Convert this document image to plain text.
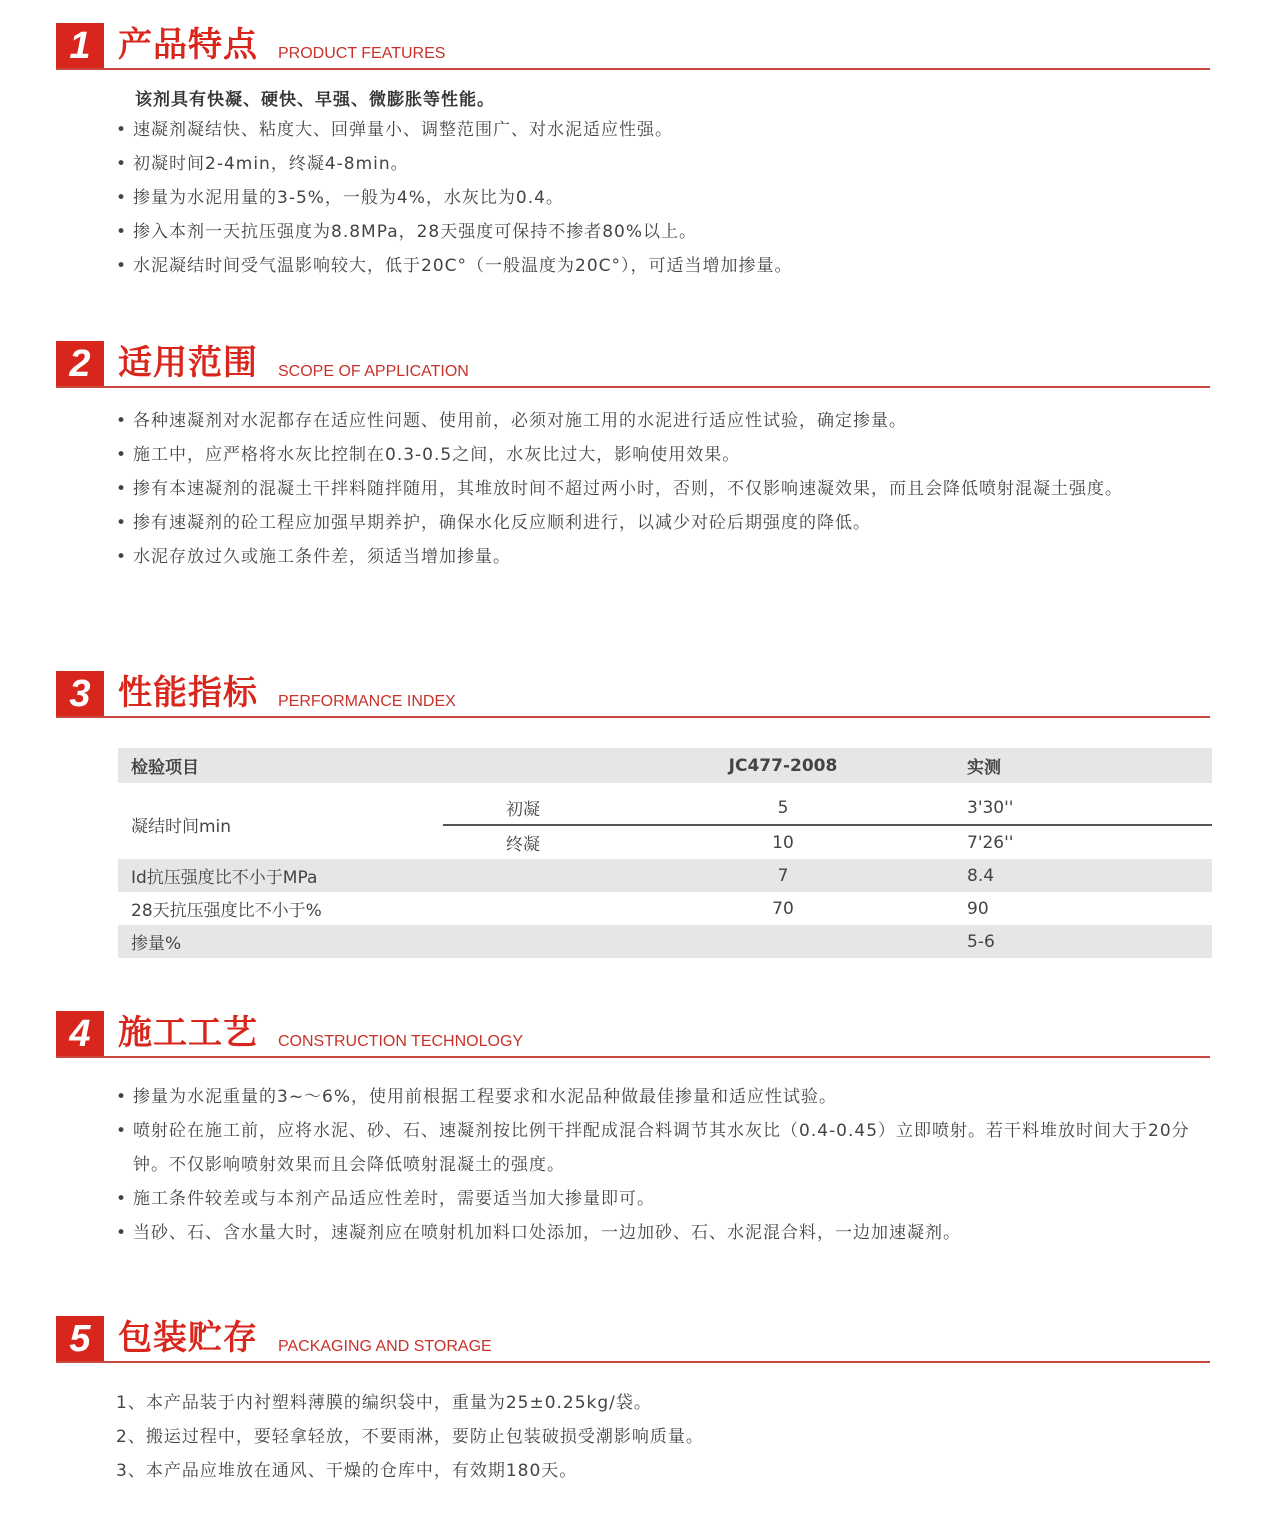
1 产品特点 PRODUCT FEATURES
该剂具有快凝、硬快、早强、微膨胀等性能。
• 速凝剂凝结快、粘度大、回弹量小、调整范围广、对水泥适应性强。
• 初凝时间2-4min，终凝4-8min。
• 掺量为水泥用量的3-5%，一般为4%，水灰比为0.4。
• 掺入本剂一天抗压强度为8.8MPa，28天强度可保持不掺者80%以上。
• 水泥凝结时间受气温影响较大，低于20C°（一般温度为20C°），可适当增加掺量。
2 适用范围 SCOPE OF APPLICATION
• 各种速凝剂对水泥都存在适应性问题、使用前，必须对施工用的水泥进行适应性试验，确定掺量。
• 施工中，应严格将水灰比控制在0.3-0.5之间，水灰比过大，影响使用效果。
• 掺有本速凝剂的混凝土干拌料随拌随用，其堆放时间不超过两小时，否则，不仅影响速凝效果，而且会降低喷射混凝土强度。
• 掺有速凝剂的砼工程应加强早期养护，确保水化反应顺利进行，以减少对砼后期强度的降低。
• 水泥存放过久或施工条件差，须适当增加掺量。
3 性能指标 PERFORMANCE INDEX
检验项目		JC477-2008	实测
凝结时间min	初凝	5	3'30''
	终凝	10	7'26''
Id抗压强度比不小于MPa		7	8.4
28天抗压强度比不小于%		70	90
掺量%			5-6
4 施工工艺 CONSTRUCTION TECHNOLOGY
• 掺量为水泥重量的3~～6%，使用前根据工程要求和水泥品种做最佳掺量和适应性试验。
• 喷射砼在施工前，应将水泥、砂、石、速凝剂按比例干拌配成混合料调节其水灰比（0.4-0.45）立即喷射。若干料堆放时间大于20分钟。不仅影响喷射效果而且会降低喷射混凝土的强度。
• 施工条件较差或与本剂产品适应性差时，需要适当加大掺量即可。
• 当砂、石、含水量大时，速凝剂应在喷射机加料口处添加，一边加砂、石、水泥混合料，一边加速凝剂。
5 包装贮存 PACKAGING AND STORAGE
1、本产品装于内衬塑料薄膜的编织袋中，重量为25±0.25kg/袋。
2、搬运过程中，要轻拿轻放，不要雨淋，要防止包装破损受潮影响质量。
3、本产品应堆放在通风、干燥的仓库中，有效期180天。
